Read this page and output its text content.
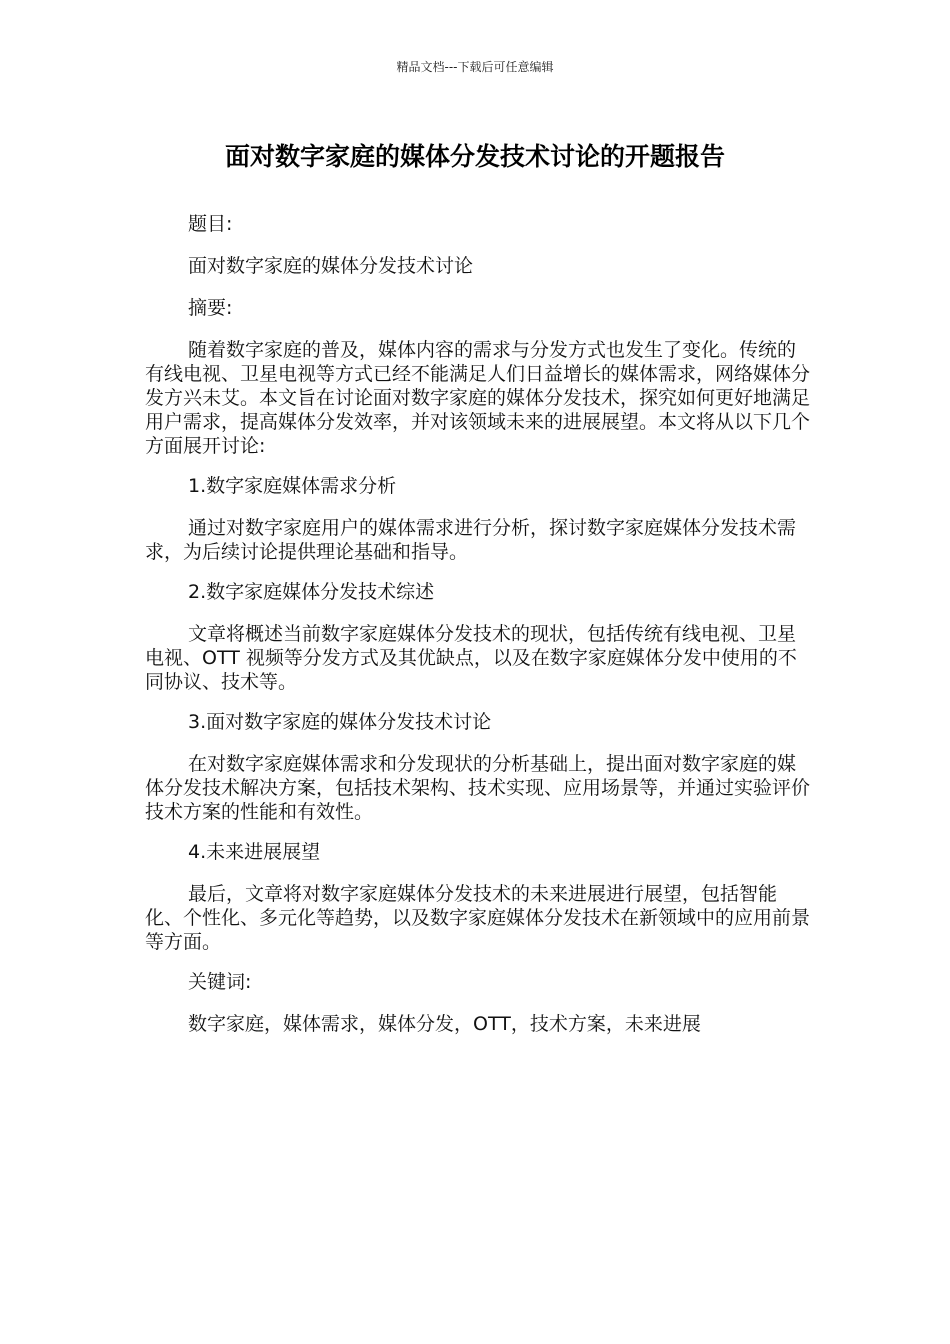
精品文档---下载后可任意编辑
面对数字家庭的媒体分发技术讨论的开题报告

题目:

面对数字家庭的媒体分发技术讨论

摘要:

随着数字家庭的普及，媒体内容的需求与分发方式也发生了变化。传统的有线电视、卫星电视等方式已经不能满足人们日益增长的媒体需求，网络媒体分发方兴未艾。本文旨在讨论面对数字家庭的媒体分发技术，探究如何更好地满足用户需求，提高媒体分发效率，并对该领域未来的进展展望。本文将从以下几个方面展开讨论:

1.数字家庭媒体需求分析

通过对数字家庭用户的媒体需求进行分析，探讨数字家庭媒体分发技术需求，为后续讨论提供理论基础和指导。

2.数字家庭媒体分发技术综述

文章将概述当前数字家庭媒体分发技术的现状，包括传统有线电视、卫星电视、OTT 视频等分发方式及其优缺点，以及在数字家庭媒体分发中使用的不同协议、技术等。

3.面对数字家庭的媒体分发技术讨论

在对数字家庭媒体需求和分发现状的分析基础上，提出面对数字家庭的媒体分发技术解决方案，包括技术架构、技术实现、应用场景等，并通过实验评价技术方案的性能和有效性。

4.未来进展展望

最后，文章将对数字家庭媒体分发技术的未来进展进行展望，包括智能化、个性化、多元化等趋势，以及数字家庭媒体分发技术在新领域中的应用前景等方面。

关键词:

数字家庭，媒体需求，媒体分发，OTT，技术方案，未来进展
